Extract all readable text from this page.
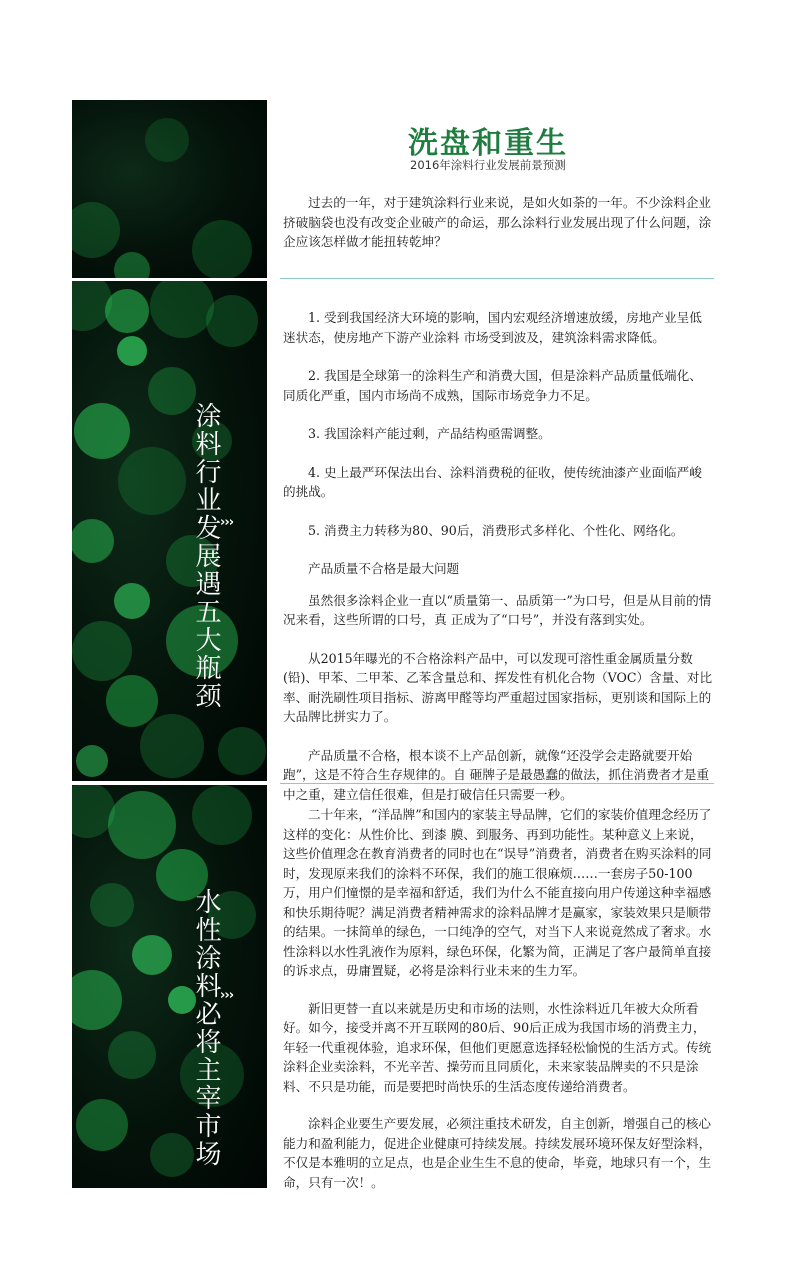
涂料行业发展遇五大瓶颈 ›››
水性涂料必将主宰市场 ›››
洗盘和重生
2016年涂料行业发展前景预测

过去的一年，对于建筑涂料行业来说，是如火如荼的一年。不少涂料企业挤破脑袋也没有改变企业破产的命运，那么涂料行业发展出现了什么问题，涂企应该怎样做才能扭转乾坤？

1. 受到我国经济大环境的影响，国内宏观经济增速放缓，房地产业呈低迷状态，使房地产下游产业涂料 市场受到波及，建筑涂料需求降低。

2. 我国是全球第一的涂料生产和消费大国，但是涂料产品质量低端化、同质化严重，国内市场尚不成熟，国际市场竞争力不足。

3. 我国涂料产能过剩，产品结构亟需调整。

4. 史上最严环保法出台、涂料消费税的征收，使传统油漆产业面临严峻的挑战。

5. 消费主力转移为80、90后，消费形式多样化、个性化、网络化。

产品质量不合格是最大问题

虽然很多涂料企业一直以“质量第一、品质第一”为口号，但是从目前的情况来看，这些所谓的口号，真 正成为了“口号”，并没有落到实处。

从2015年曝光的不合格涂料产品中，可以发现可溶性重金属质量分数(铅)、甲苯、二甲苯、乙苯含量总和、挥发性有机化合物（VOC）含量、对比率、耐洗刷性项目指标、游离甲醛等均严重超过国家指标，更别谈和国际上的大品牌比拼实力了。

产品质量不合格，根本谈不上产品创新，就像“还没学会走路就要开始跑”，这是不符合生存规律的。自 砸牌子是最愚蠢的做法，抓住消费者才是重中之重，建立信任很难，但是打破信任只需要一秒。

二十年来，“洋品牌”和国内的家装主导品牌，它们的家装价值理念经历了这样的变化：从性价比、到漆 膜、到服务、再到功能性。某种意义上来说，这些价值理念在教育消费者的同时也在“误导”消费者，消费者在购买涂料的同时，发现原来我们的涂料不环保，我们的施工很麻烦……一套房子50-100万，用户们憧憬的是幸福和舒适，我们为什么不能直接向用户传递这种幸福感和快乐期待呢？满足消费者精神需求的涂料品牌才是赢家，家装效果只是顺带的结果。一抹简单的绿色，一口纯净的空气，对当下人来说竟然成了奢求。水性涂料以水性乳液作为原料，绿色环保，化繁为简，正满足了客户最简单直接的诉求点，毋庸置疑，必将是涂料行业未来的生力军。

新旧更替一直以来就是历史和市场的法则，水性涂料近几年被大众所看好。如今，接受并离不开互联网的80后、90后正成为我国市场的消费主力，年轻一代重视体验，追求环保，但他们更愿意选择轻松愉悦的生活方式。传统涂料企业卖涂料，不光辛苦、操劳而且同质化，未来家装品牌卖的不只是涂料、不只是功能，而是要把时尚快乐的生活态度传递给消费者。

涂料企业要生产要发展，必须注重技术研发，自主创新，增强自己的核心能力和盈利能力，促进企业健康可持续发展。持续发展环境环保友好型涂料，不仅是本雅明的立足点，也是企业生生不息的使命，毕竟，地球只有一个，生命，只有一次！。
